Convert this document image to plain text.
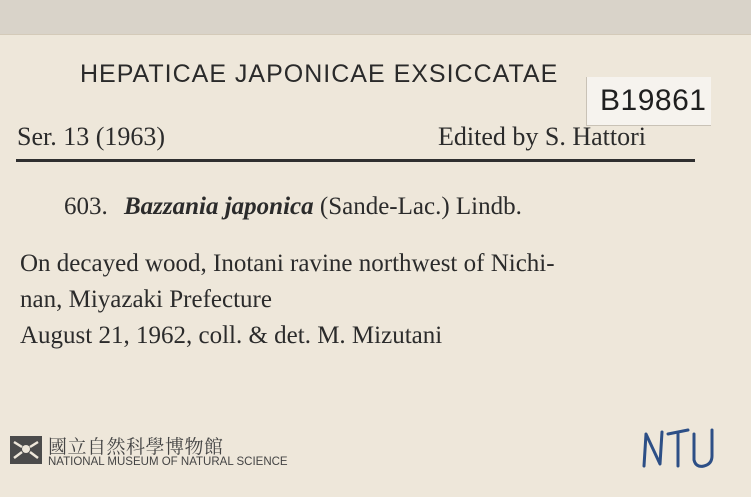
HEPATICAE JAPONICAE EXSICCATAE
B19861
Ser. 13 (1963)	Edited by S. Hattori
603. Bazzania japonica (Sande-Lac.) Lindb.
On decayed wood, Inotani ravine northwest of Nichi-
nan, Miyazaki Prefecture
August 21, 1962, coll. & det. M. Mizutani
國立自然科學博物館
NATIONAL MUSEUM OF NATURAL SCIENCE
